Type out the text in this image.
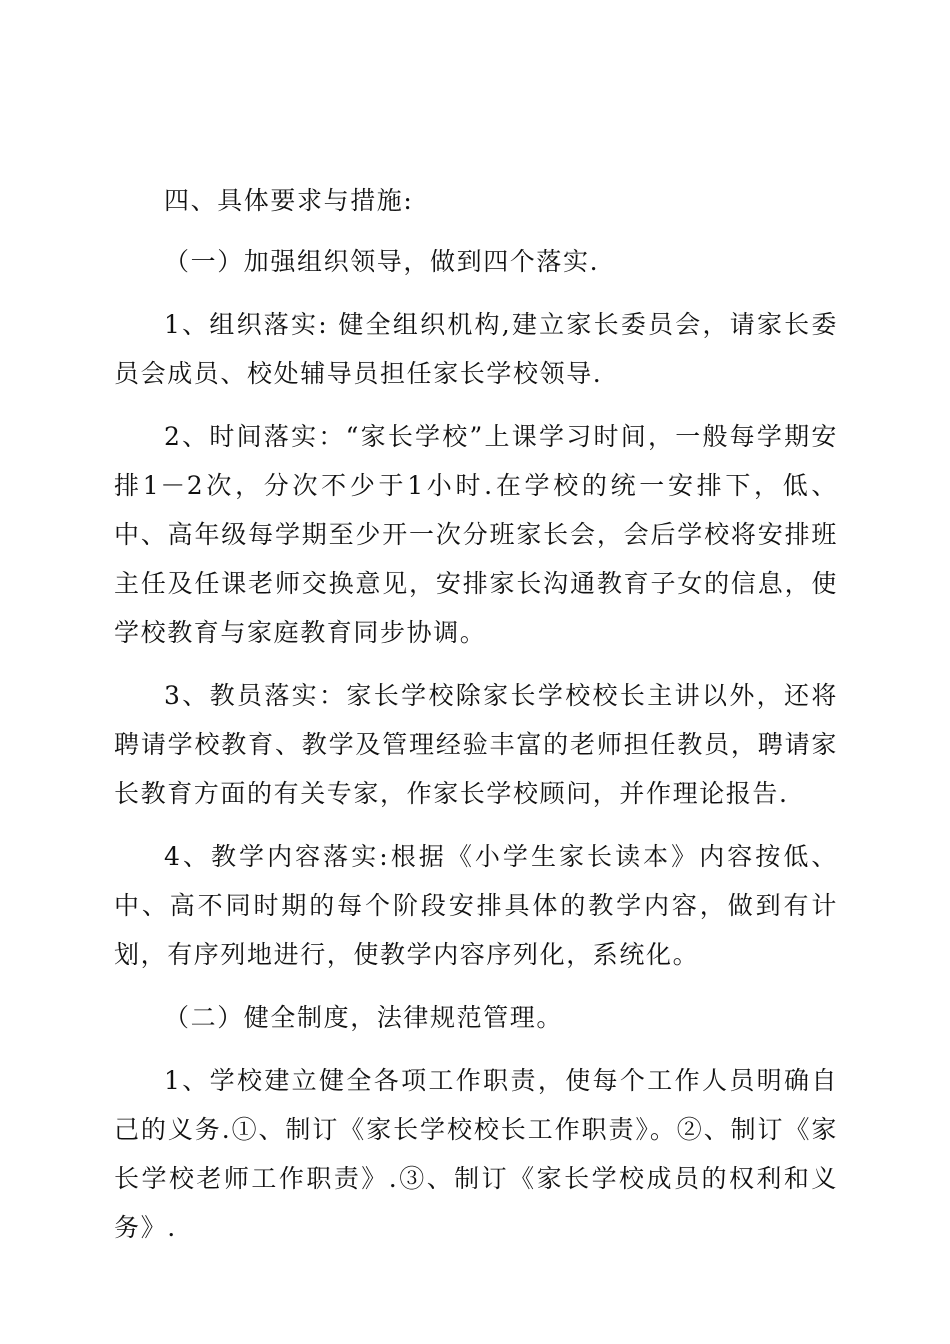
四、具体要求与措施:

（一）加强组织领导，做到四个落实.

1、组织落实: 健全组织机构,建立家长委员会，请家长委员会成员、校处辅导员担任家长学校领导.

2、时间落实：“家长学校”上课学习时间，一般每学期安排1－2次，分次不少于1小时.在学校的统一安排下，低、中、高年级每学期至少开一次分班家长会，会后学校将安排班主任及任课老师交换意见，安排家长沟通教育子女的信息，使学校教育与家庭教育同步协调。

3、教员落实：家长学校除家长学校校长主讲以外，还将聘请学校教育、教学及管理经验丰富的老师担任教员，聘请家长教育方面的有关专家，作家长学校顾问，并作理论报告.

4、教学内容落实:根据《小学生家长读本》内容按低、中、高不同时期的每个阶段安排具体的教学内容，做到有计划，有序列地进行，使教学内容序列化，系统化。

（二）健全制度，法律规范管理。

1、学校建立健全各项工作职责，使每个工作人员明确自己的义务.①、制订《家长学校校长工作职责》。②、制订《家长学校老师工作职责》.③、制订《家长学校成员的权利和义务》.
